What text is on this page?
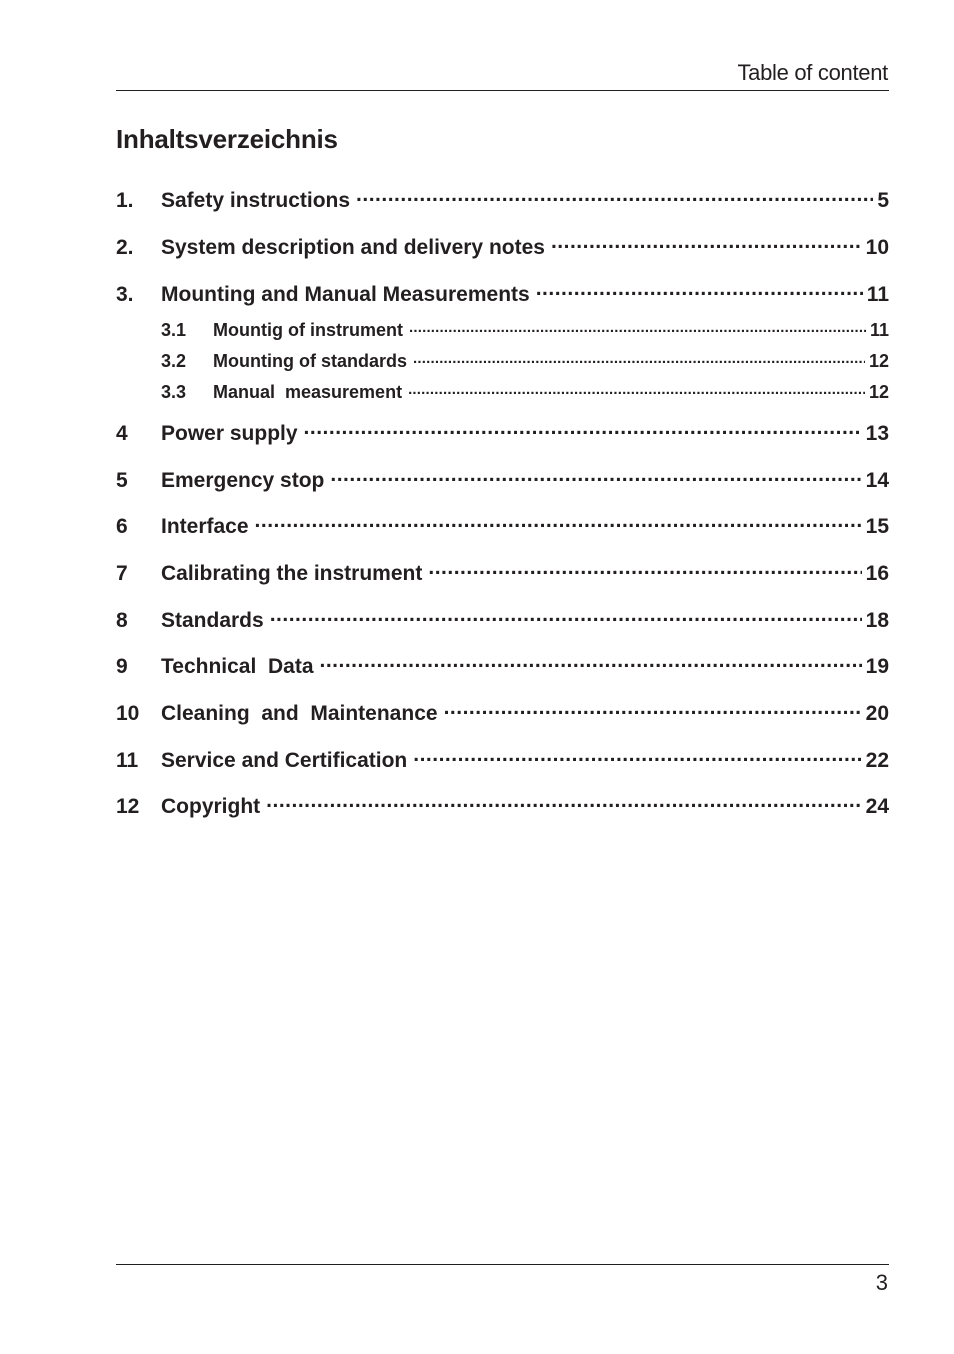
Table of content
Inhaltsverzeichnis
1.	Safety instructions .....	5
2.	System description and delivery notes .....	10
3.	Mounting and Manual Measurements .....	11
3.1	Mountig of instrument .....	11
3.2	Mounting of standards .....	12
3.3	Manual  measurement .....	12
4	Power supply .....	13
5	Emergency stop .....	14
6	Interface .....	15
7	Calibrating the instrument .....	16
8	Standards .....	18
9	Technical  Data .....	19
10	Cleaning  and  Maintenance .....	20
11	Service and Certification .....	22
12	Copyright .....	24
3
